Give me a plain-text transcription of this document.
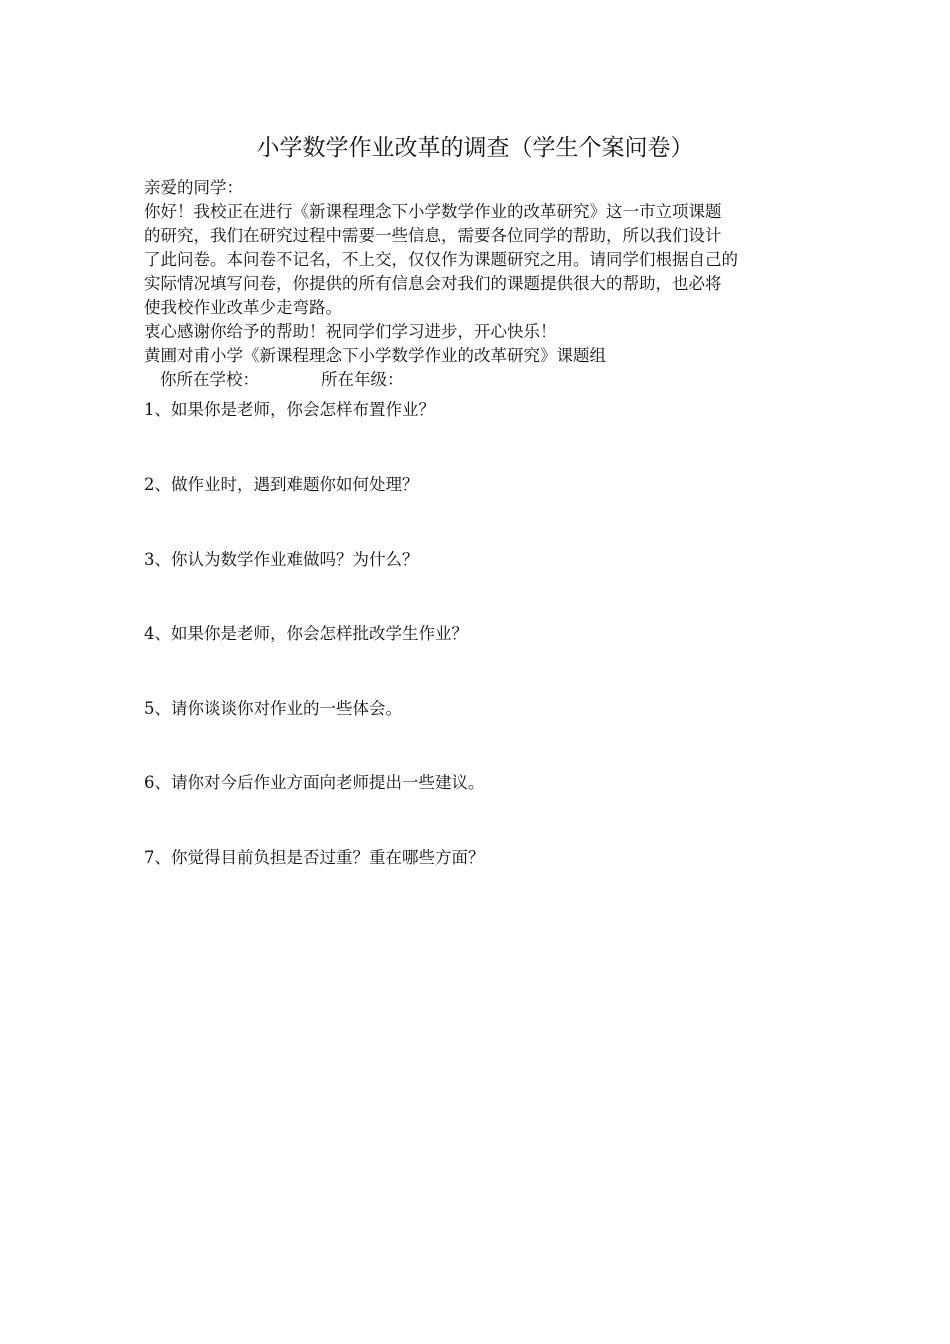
小学数学作业改革的调查（学生个案问卷）

亲爱的同学：

你好！我校正在进行《新课程理念下小学数学作业的改革研究》这一市立项课题

的研究，我们在研究过程中需要一些信息，需要各位同学的帮助，所以我们设计

了此问卷。本问卷不记名，不上交，仅仅作为课题研究之用。请同学们根据自己的

实际情况填写问卷，你提供的所有信息会对我们的课题提供很大的帮助，也必将

使我校作业改革少走弯路。

衷心感谢你给予的帮助！祝同学们学习进步，开心快乐！

黄圃对甫小学《新课程理念下小学数学作业的改革研究》课题组

你所在学校：	所在年级：

1、如果你是老师，你会怎样布置作业？
2、做作业时，遇到难题你如何处理？
3、你认为数学作业难做吗？为什么？
4、如果你是老师，你会怎样批改学生作业？
5、请你谈谈你对作业的一些体会。
6、请你对今后作业方面向老师提出一些建议。
7、你觉得目前负担是否过重？重在哪些方面？
